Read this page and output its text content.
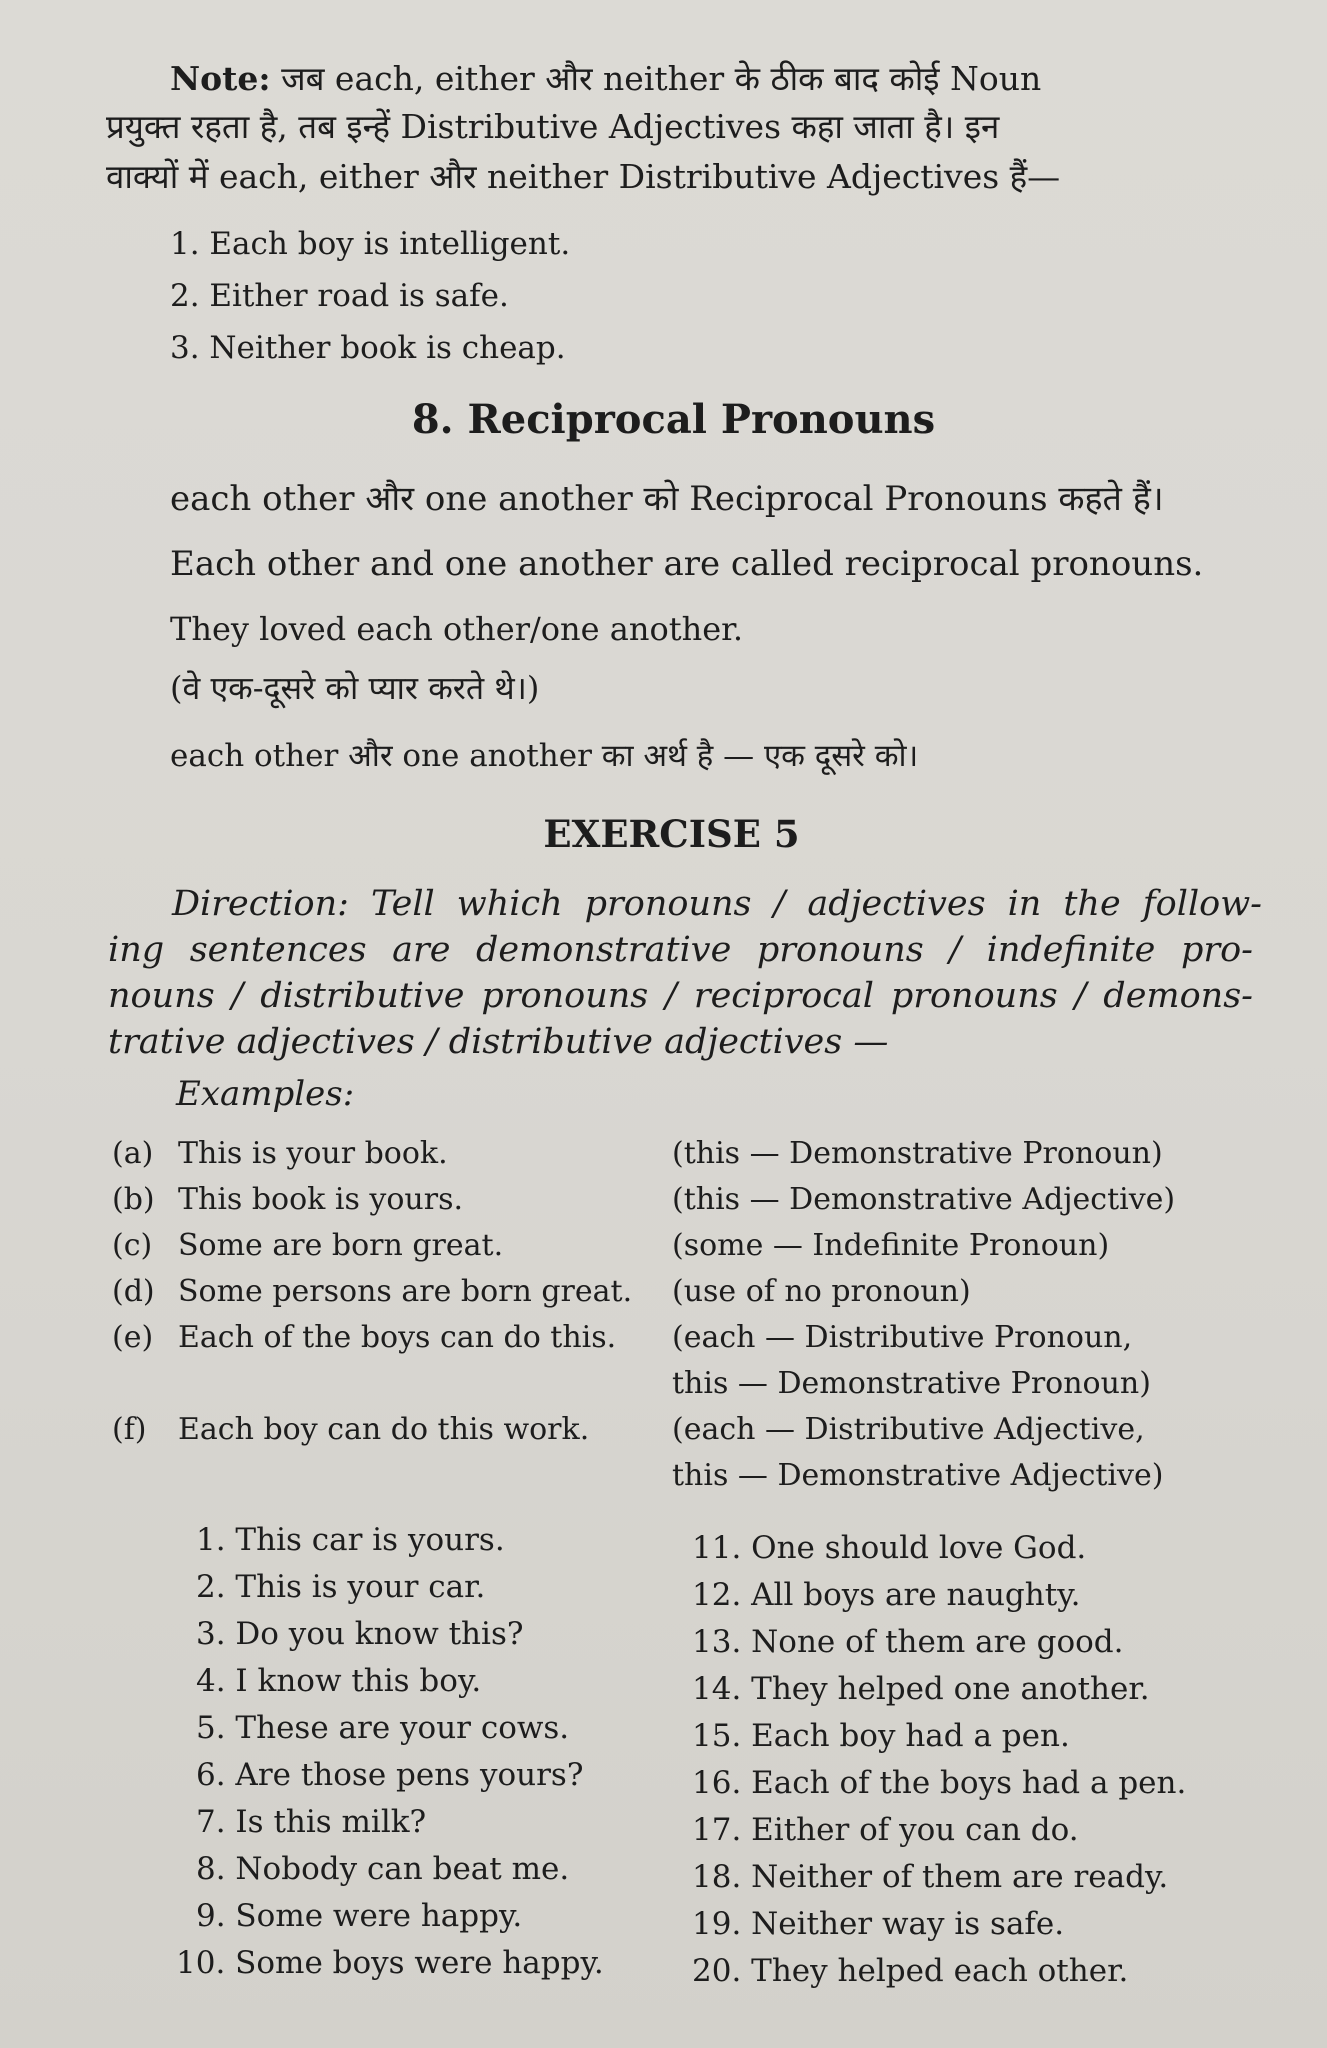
Note: जब each, either और neither के ठीक बाद कोई Noun
प्रयुक्त रहता है, तब इन्हें Distributive Adjectives कहा जाता है। इन
वाक्यों में each, either और neither Distributive Adjectives हैं—
1. Each boy is intelligent.
2. Either road is safe.
3. Neither book is cheap.
8. Reciprocal Pronouns
each other और one another को Reciprocal Pronouns कहते हैं।
Each other and one another are called reciprocal pronouns.
They loved each other/one another.
(वे एक-दूसरे को प्यार करते थे।)
each other और one another का अर्थ है — एक दूसरे को।
EXERCISE 5
Direction: Tell which pronouns / adjectives in the follow-
ing sentences are demonstrative pronouns / indefinite pro-
nouns / distributive pronouns / reciprocal pronouns / demons-
trative adjectives / distributive adjectives —
Examples:
(a) This is your book.	(this — Demonstrative Pronoun)
(b) This book is yours.	(this — Demonstrative Adjective)
(c) Some are born great.	(some — Indefinite Pronoun)
(d) Some persons are born great. (use of no pronoun)
(e) Each of the boys can do this. (each — Distributive Pronoun,
this — Demonstrative Pronoun)
(f) Each boy can do this work.	(each — Distributive Adjective,
this — Demonstrative Adjective)
1. This car is yours.
2. This is your car.
3. Do you know this?
4. I know this boy.
5. These are your cows.
6. Are those pens yours?
7. Is this milk?
8. Nobody can beat me.
9. Some were happy.
10. Some boys were happy.
11. One should love God.
12. All boys are naughty.
13. None of them are good.
14. They helped one another.
15. Each boy had a pen.
16. Each of the boys had a pen.
17. Either of you can do.
18. Neither of them are ready.
19. Neither way is safe.
20. They helped each other.
